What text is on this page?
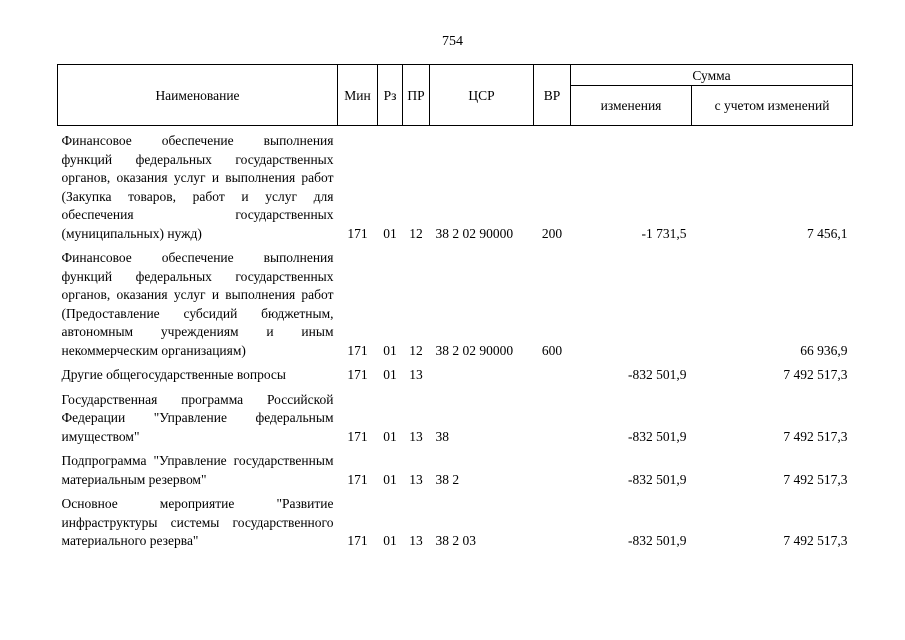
754
Наименование	Мин	Рз	ПР	ЦСР	ВР	Сумма	
						изменения	с учетом изменений
Финансовое обеспечение выполнения функций федеральных государственных органов, оказания услуг и выполнения работ (Закупка товаров, работ и услуг для обеспечения государственных (муниципальных) нужд)	171	01	12	38 2 02 90000	200	-1 731,5	7 456,1
Финансовое обеспечение выполнения функций федеральных государственных органов, оказания услуг и выполнения работ (Предоставление субсидий бюджетным, автономным учреждениям и иным некоммерческим организациям)	171	01	12	38 2 02 90000	600		66 936,9
Другие общегосударственные вопросы	171	01	13			-832 501,9	7 492 517,3
Государственная программа Российской Федерации "Управление федеральным имуществом"	171	01	13	38		-832 501,9	7 492 517,3
Подпрограмма "Управление государственным материальным резервом"	171	01	13	38 2		-832 501,9	7 492 517,3
Основное мероприятие "Развитие инфраструктуры системы государственного материального резерва"	171	01	13	38 2 03		-832 501,9	7 492 517,3
